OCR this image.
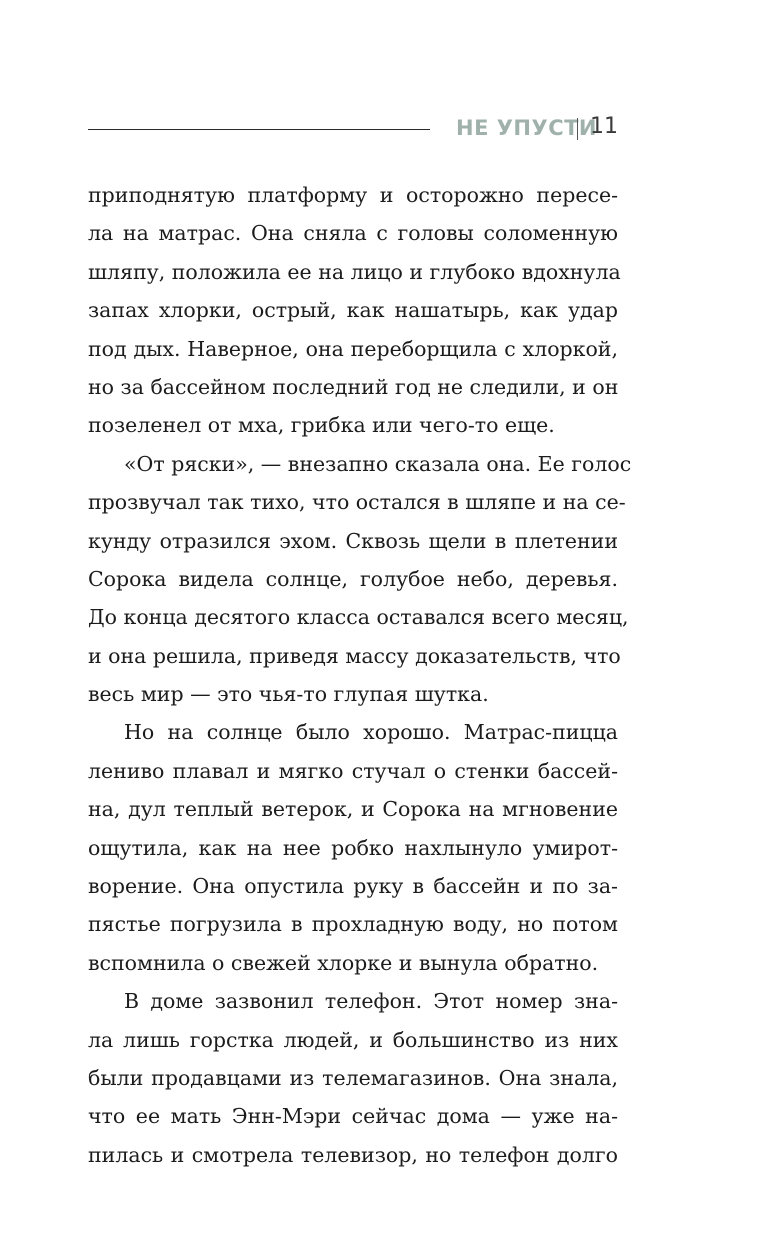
НЕ УПУСТИ
11

приподнятую платформу и осторожно пересе-
ла на матрас. Она сняла с головы соломенную
шляпу, положила ее на лицо и глубоко вдохнула
запах хлорки, острый, как нашатырь, как удар
под дых. Наверное, она переборщила с хлоркой,
но за бассейном последний год не следили, и он
позеленел от мха, грибка или чего-то еще.

«От ряски», — внезапно сказала она. Ее голос
прозвучал так тихо, что остался в шляпе и на се-
кунду отразился эхом. Сквозь щели в плетении
Сорока видела солнце, голубое небо, деревья.
До конца десятого класса оставался всего месяц,
и она решила, приведя массу доказательств, что
весь мир — это чья-то глупая шутка.

Но на солнце было хорошо. Матрас-пицца
лениво плавал и мягко стучал о стенки бассей-
на, дул теплый ветерок, и Сорока на мгновение
ощутила, как на нее робко нахлынуло умирот-
ворение. Она опустила руку в бассейн и по за-
пястье погрузила в прохладную воду, но потом
вспомнила о свежей хлорке и вынула обратно.

В доме зазвонил телефон. Этот номер зна-
ла лишь горстка людей, и большинство из них
были продавцами из телемагазинов. Она знала,
что ее мать Энн-Мэри сейчас дома — уже на-
пилась и смотрела телевизор, но телефон долго
